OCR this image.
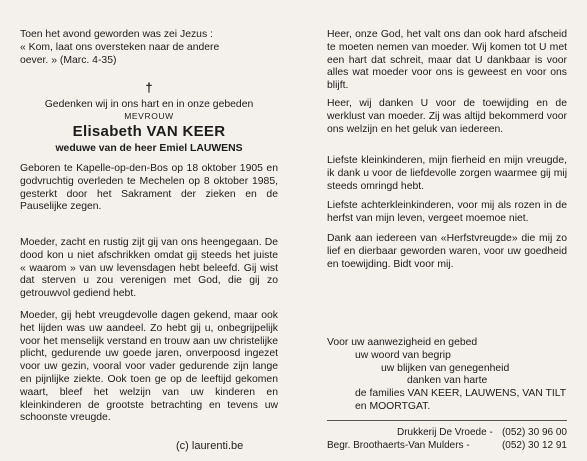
Toen het avond geworden was zei Jezus :

« Kom, laat ons oversteken naar de andere

oever. » (Marc. 4-35)

†
Gedenken wij in ons hart en in onze gebeden
MEVROUW
Elisabeth VAN KEER
weduwe van de heer Emiel LAUWENS

Geboren te Kapelle-op-den-Bos op 18 oktober 1905 en godvruchtig overleden te Mechelen op 8 oktober 1985, gesterkt door het Sakrament der zieken en de Pauselijke zegen.

Moeder, zacht en rustig zijt gij van ons heengegaan. De dood kon u niet afschrikken omdat gij steeds het juiste « waarom » van uw levensdagen hebt beleefd. Gij wist dat sterven u zou verenigen met God, die gij zo getrouwvol gediend hebt.

Moeder, gij hebt vreugdevolle dagen gekend, maar ook het lijden was uw aandeel. Zo hebt gij u, onbegrijpelijk voor het menselijk verstand en trouw aan uw christelijke plicht, gedurende uw goede jaren, onverpoosd ingezet voor uw gezin, vooral voor vader gedurende zijn lange en pijnlijke ziekte. Ook toen ge op de leeftijd gekomen waart, bleef het welzijn van uw kinderen en kleinkinderen de grootste betrachting en tevens uw schoonste vreugde.

Heer, onze God, het valt ons dan ook hard afscheid te moeten nemen van moeder. Wij komen tot U met een hart dat schreit, maar dat U dankbaar is voor alles wat moeder voor ons is geweest en voor ons blijft.

Heer, wij danken U voor de toewijding en de werklust van moeder. Zij was altijd bekommerd voor ons welzijn en het geluk van iedereen.

Liefste kleinkinderen, mijn fierheid en mijn vreugde, ik dank u voor de liefdevolle zorgen waarmee gij mij steeds omringd hebt.

Liefste achterkleinkinderen, voor mij als rozen in de herfst van mijn leven, vergeet moemoe niet.

Dank aan iedereen van «Herfstvreugde» die mij zo lief en dierbaar geworden waren, voor uw goedheid en toewijding. Bidt voor mij.

Voor uw aanwezigheid en gebed

uw woord van begrip

uw blijken van genegenheid

danken van harte

de families VAN KEER, LAUWENS, VAN TILT

en MOORTGAT.

Drukkerij De Vroede - (052) 30 96 00
Begr. Broothaerts-Van Mulders -	(052) 30 12 91
(c) laurenti.be
